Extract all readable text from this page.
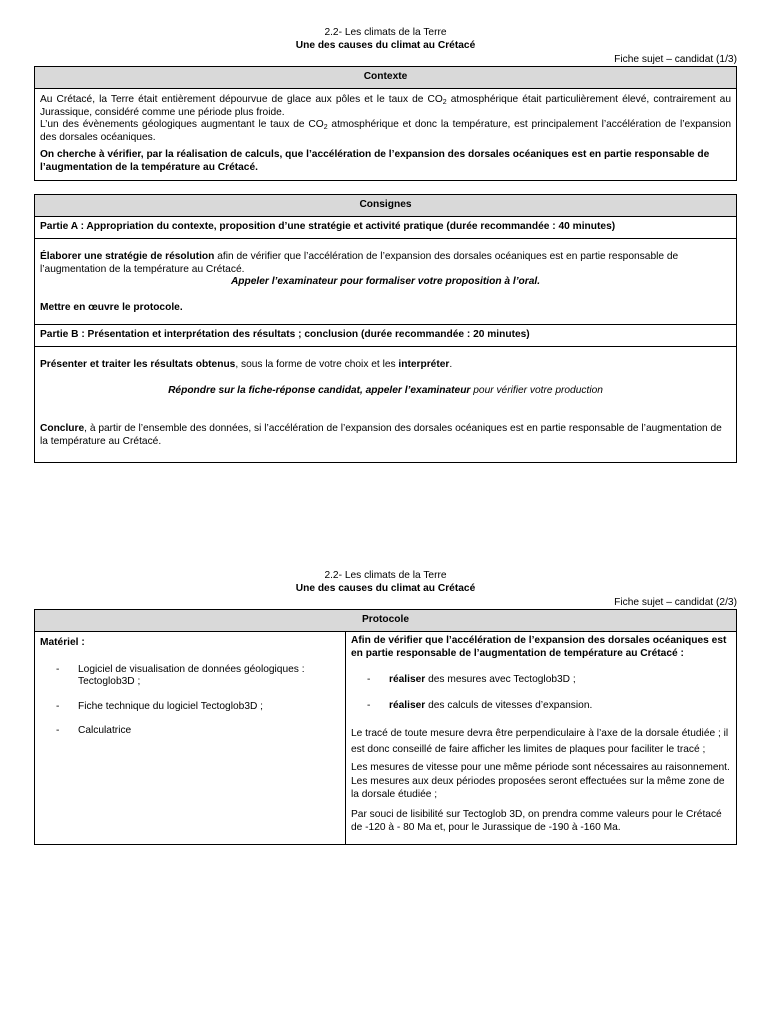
2.2- Les climats de la Terre
Une des causes du climat au Crétacé
Fiche sujet – candidat (1/3)
Contexte

Au Crétacé, la Terre était entièrement dépourvue de glace aux pôles et le taux de $CO_2$ atmosphérique était particulièrement élevé, contrairement au Jurassique, considéré comme une période plus froide.

L’un des évènements géologiques augmentant le taux de $CO_2$ atmosphérique et donc la température, est principalement l’accélération de l’expansion des dorsales océaniques.

On cherche à vérifier, par la réalisation de calculs, que l’accélération de l’expansion des dorsales océaniques est en partie responsable de l’augmentation de la température au Crétacé.

Consignes
Partie A : Appropriation du contexte, proposition d’une stratégie et activité pratique (durée recommandée : 40 minutes)

Élaborer une stratégie de résolution afin de vérifier que l’accélération de l’expansion des dorsales océaniques est en partie responsable de l’augmentation de la température au Crétacé.

Appeler l’examinateur pour formaliser votre proposition à l’oral.

Mettre en œuvre le protocole.

Partie B : Présentation et interprétation des résultats ; conclusion (durée recommandée : 20 minutes)

Présenter et traiter les résultats obtenus, sous la forme de votre choix et les interpréter.

Répondre sur la fiche-réponse candidat, appeler l’examinateur pour vérifier votre production

Conclure, à partir de l’ensemble des données, si l’accélération de l’expansion des dorsales océaniques est en partie responsable de l’augmentation de la température au Crétacé.

2.2- Les climats de la Terre
Une des causes du climat au Crétacé
Fiche sujet – candidat (2/3)
Protocole

Matériel :

- Logiciel de visualisation de données géologiques : Tectoglob3D ;
- Fiche technique du logiciel Tectoglob3D ;
- Calculatrice

Afin de vérifier que l’accélération de l’expansion des dorsales océaniques est en partie responsable de l’augmentation de température au Crétacé :

- réaliser des mesures avec Tectoglob3D ;
- réaliser des calculs de vitesses d’expansion.

Le tracé de toute mesure devra être perpendiculaire à l’axe de la dorsale étudiée ; il est donc conseillé de faire afficher les limites de plaques pour faciliter le tracé ;

Les mesures de vitesse pour une même période sont nécessaires au raisonnement. Les mesures aux deux périodes proposées seront effectuées sur la même zone de la dorsale étudiée ;

Par souci de lisibilité sur Tectoglob 3D, on prendra comme valeurs pour le Crétacé de -120 à - 80 Ma et, pour le Jurassique de -190 à -160 Ma.
